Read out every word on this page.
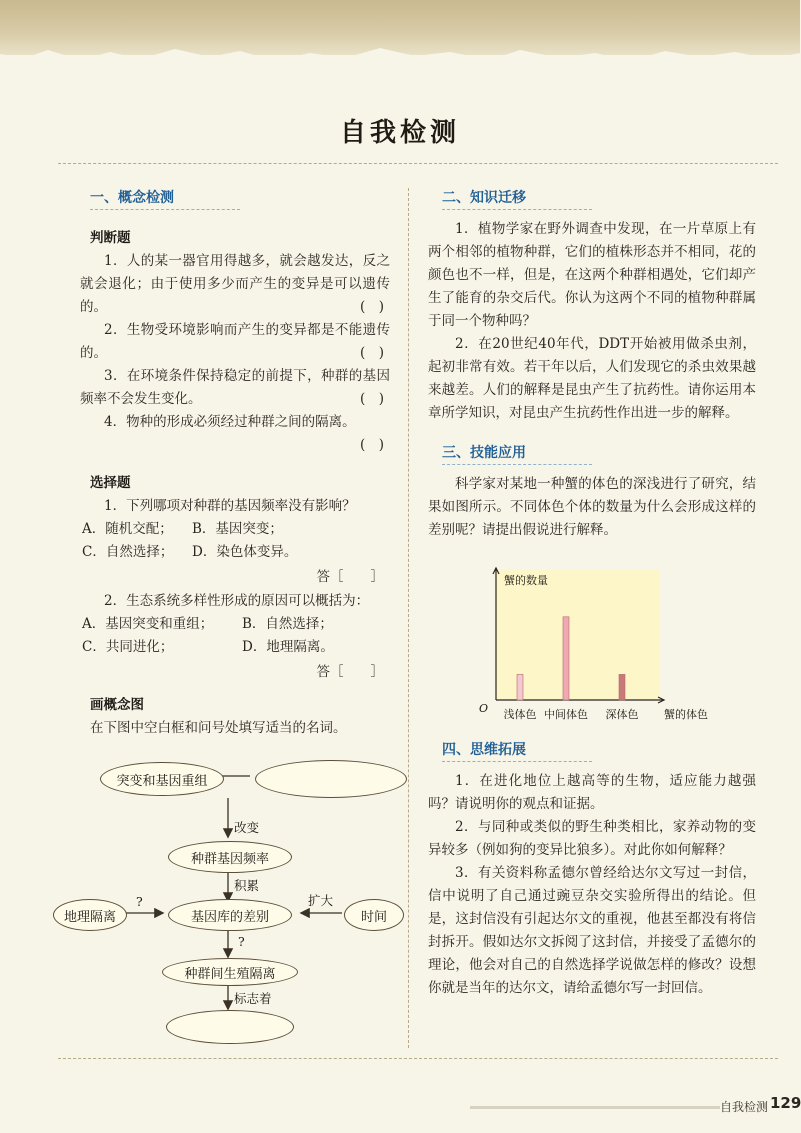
自我检测
一、概念检测
判断题

1．人的某一器官用得越多，就会越发达，反之就会退化；由于使用多少而产生的变异是可以遗传的。	(　)

2．生物受环境影响而产生的变异都是不能遗传的。	(　)

3．在环境条件保持稳定的前提下，种群的基因频率不会发生变化。	(　)

4．物种的形成必须经过种群之间的隔离。

(　)
选择题

1．下列哪项对种群的基因频率没有影响？

A．随机交配；	B．基因突变；
C．自然选择；	D．染色体变异。
答［　　］

2．生态系统多样性形成的原因可以概括为：

A．基因突变和重组；	B．自然选择；
C．共同进化；	D．地理隔离。
答［　　］
画概念图

在下图中空白框和问号处填写适当的名词。

突变和基因重组
种群基因频率
基因库的差别
地理隔离	时间
种群间生殖隔离
改变
积累
扩大
?
?
标志着
二、知识迁移

1．植物学家在野外调查中发现，在一片草原上有两个相邻的植物种群，它们的植株形态并不相同，花的颜色也不一样，但是，在这两个种群相遇处，它们却产生了能育的杂交后代。你认为这两个不同的植物种群属于同一个物种吗？

2．在20世纪40年代，DDT开始被用做杀虫剂，起初非常有效。若干年以后，人们发现它的杀虫效果越来越差。人们的解释是昆虫产生了抗药性。请你运用本章所学知识，对昆虫产生抗药性作出进一步的解释。

三、技能应用

科学家对某地一种蟹的体色的深浅进行了研究，结果如图所示。不同体色个体的数量为什么会形成这样的差别呢？请提出假说进行解释。

蟹的数量
O	蟹的体色
浅体色 中间体色 深体色
四、思维拓展

1．在进化地位上越高等的生物，适应能力越强吗？请说明你的观点和证据。

2．与同种或类似的野生种类相比，家养动物的变异较多（例如狗的变异比狼多）。对此你如何解释？

3．有关资料称孟德尔曾经给达尔文写过一封信，信中说明了自己通过豌豆杂交实验所得出的结论。但是，这封信没有引起达尔文的重视，他甚至都没有将信封拆开。假如达尔文拆阅了这封信，并接受了孟德尔的理论，他会对自己的自然选择学说做怎样的修改？设想你就是当年的达尔文，请给孟德尔写一封回信。

自我检测 129
